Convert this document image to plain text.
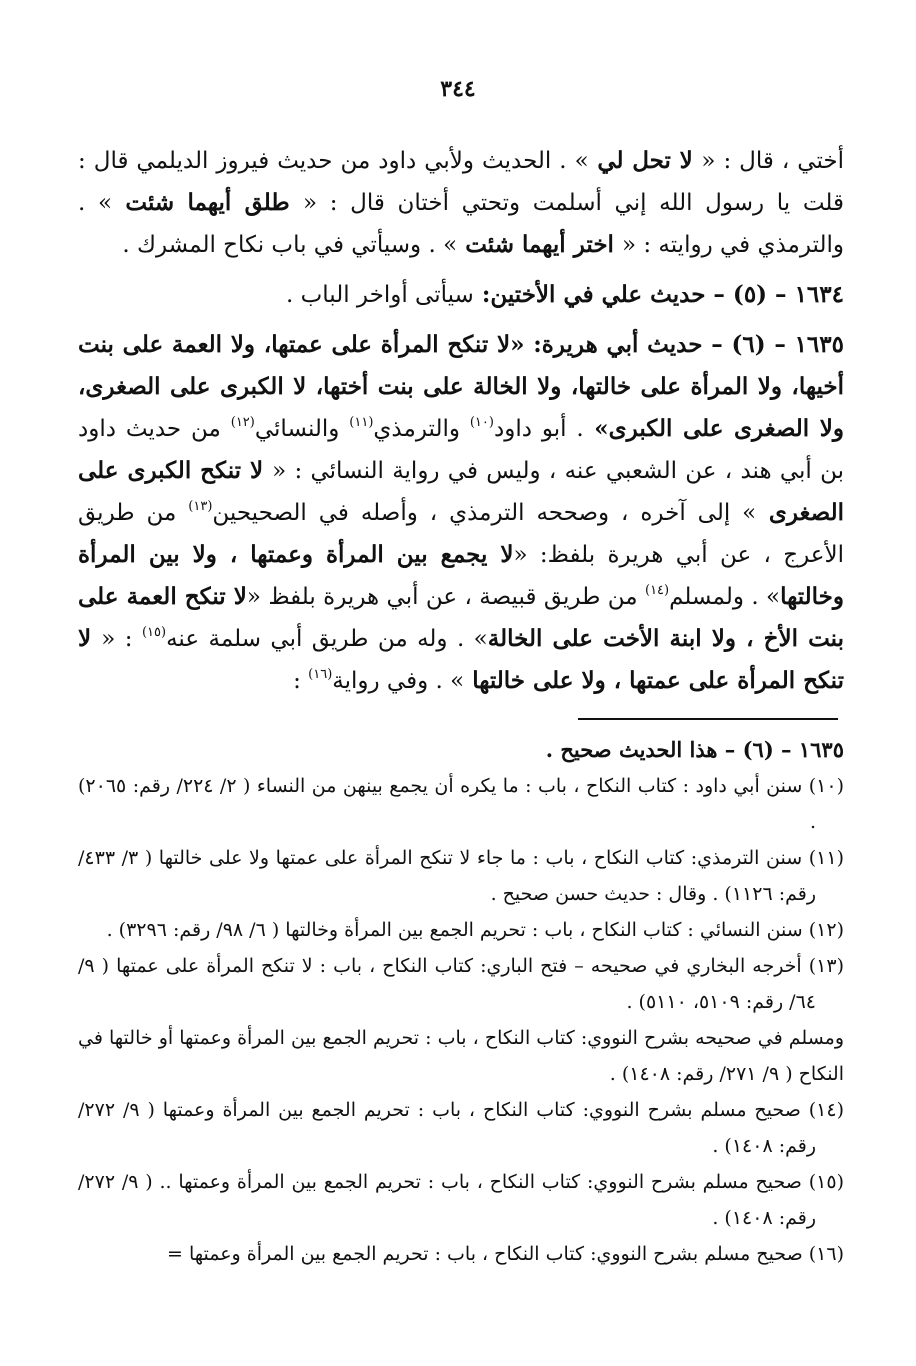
٣٤٤

أختي ، قال : « لا تحل لي » . الحديث ولأبي داود من حديث فيروز الديلمي قال : قلت يا رسول الله إني أسلمت وتحتي أختان قال : « طلق أيهما شئت » . والترمذي في روايته : « اختر أيهما شئت » . وسيأتي في باب نكاح المشرك .

١٦٣٤ – (٥) – حديث علي في الأختين: سيأتى أواخر الباب .

١٦٣٥ – (٦) – حديث أبي هريرة: «لا تنكح المرأة على عمتها، ولا العمة على بنت أخيها، ولا المرأة على خالتها، ولا الخالة على بنت أختها، لا الكبرى على الصغرى، ولا الصغرى على الكبرى» . أبو داود$^{(١٠)}$ والترمذي$^{(١١)}$ والنسائي$^{(١٢)}$ من حديث داود بن أبي هند ، عن الشعبي عنه ، وليس في رواية النسائي : « لا تنكح الكبرى على الصغرى » إلى آخره ، وصححه الترمذي ، وأصله في الصحيحين$^{(١٣)}$ من طريق الأعرج ، عن أبي هريرة بلفظ: «لا يجمع بين المرأة وعمتها ، ولا بين المرأة وخالتها» . ولمسلم$^{(١٤)}$ من طريق قبيصة ، عن أبي هريرة بلفظ «لا تنكح العمة على بنت الأخ ، ولا ابنة الأخت على الخالة» . وله من طريق أبي سلمة عنه$^{(١٥)}$ : « لا تنكح المرأة على عمتها ، ولا على خالتها » . وفي رواية$^{(١٦)}$ :

١٦٣٥ – (٦) – هذا الحديث صحيح .

(١٠) سنن أبي داود : كتاب النكاح ، باب : ما يكره أن يجمع بينهن من النساء ( ٢/ ٢٢٤/ رقم: ٢٠٦٥) .

(١١) سنن الترمذي: كتاب النكاح ، باب : ما جاء لا تنكح المرأة على عمتها ولا على خالتها ( ٣/ ٤٣٣/ رقم: ١١٢٦) . وقال : حديث حسن صحيح .

(١٢) سنن النسائي : كتاب النكاح ، باب : تحريم الجمع بين المرأة وخالتها ( ٦/ ٩٨/ رقم: ٣٢٩٦) .

(١٣) أخرجه البخاري في صحيحه – فتح الباري: كتاب النكاح ، باب : لا تنكح المرأة على عمتها ( ٩/ ٦٤/ رقم: ٥١٠٩، ٥١١٠) .

ومسلم في صحيحه بشرح النووي: كتاب النكاح ، باب : تحريم الجمع بين المرأة وعمتها أو خالتها في النكاح ( ٩/ ٢٧١/ رقم: ١٤٠٨) .

(١٤) صحيح مسلم بشرح النووي: كتاب النكاح ، باب : تحريم الجمع بين المرأة وعمتها ( ٩/ ٢٧٢/ رقم: ١٤٠٨) .

(١٥) صحيح مسلم بشرح النووي: كتاب النكاح ، باب : تحريم الجمع بين المرأة وعمتها .. ( ٩/ ٢٧٢/ رقم: ١٤٠٨) .

(١٦) صحيح مسلم بشرح النووي: كتاب النكاح ، باب : تحريم الجمع بين المرأة وعمتها =
